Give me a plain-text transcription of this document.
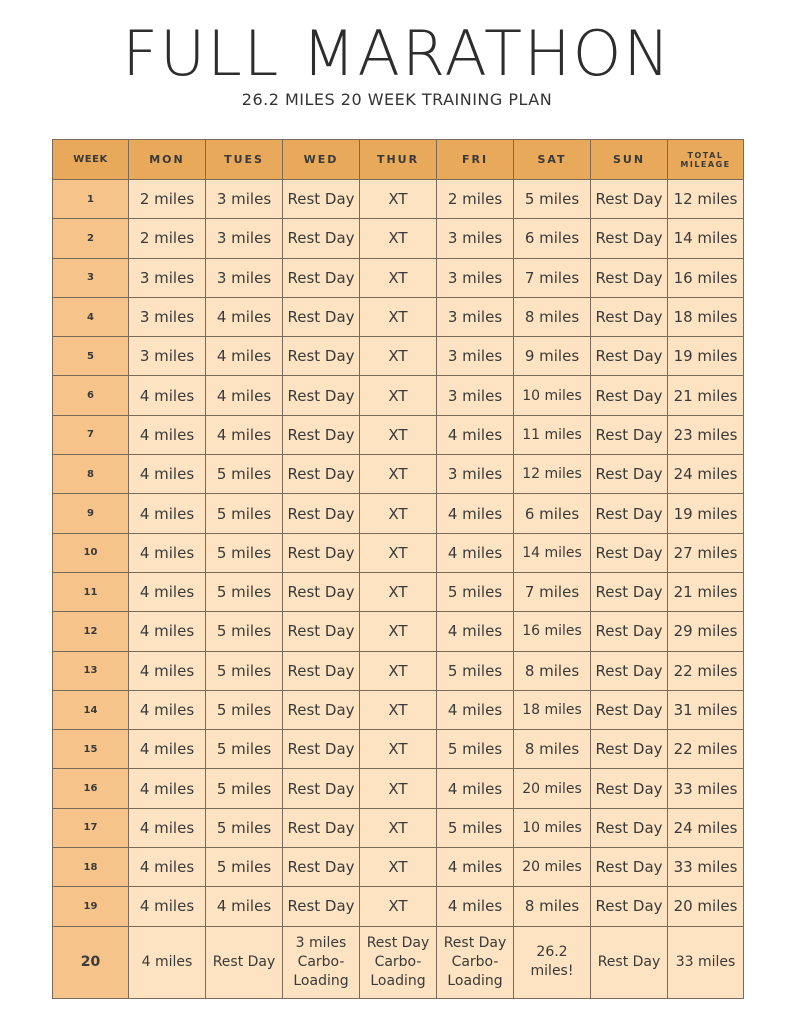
FULL MARATHON

26.2 MILES 20 WEEK TRAINING PLAN

WEEK	MON	TUES	WED	THUR	FRI	SAT	SUN	TOTAL MILEAGE
1	2 miles	3 miles	Rest Day	XT	2 miles	5 miles	Rest Day	12 miles
2	2 miles	3 miles	Rest Day	XT	3 miles	6 miles	Rest Day	14 miles
3	3 miles	3 miles	Rest Day	XT	3 miles	7 miles	Rest Day	16 miles
4	3 miles	4 miles	Rest Day	XT	3 miles	8 miles	Rest Day	18 miles
5	3 miles	4 miles	Rest Day	XT	3 miles	9 miles	Rest Day	19 miles
6	4 miles	4 miles	Rest Day	XT	3 miles	10 miles	Rest Day	21 miles
7	4 miles	4 miles	Rest Day	XT	4 miles	11 miles	Rest Day	23 miles
8	4 miles	5 miles	Rest Day	XT	3 miles	12 miles	Rest Day	24 miles
9	4 miles	5 miles	Rest Day	XT	4 miles	6 miles	Rest Day	19 miles
10	4 miles	5 miles	Rest Day	XT	4 miles	14 miles	Rest Day	27 miles
11	4 miles	5 miles	Rest Day	XT	5 miles	7 miles	Rest Day	21 miles
12	4 miles	5 miles	Rest Day	XT	4 miles	16 miles	Rest Day	29 miles
13	4 miles	5 miles	Rest Day	XT	5 miles	8 miles	Rest Day	22 miles
14	4 miles	5 miles	Rest Day	XT	4 miles	18 miles	Rest Day	31 miles
15	4 miles	5 miles	Rest Day	XT	5 miles	8 miles	Rest Day	22 miles
16	4 miles	5 miles	Rest Day	XT	4 miles	20 miles	Rest Day	33 miles
17	4 miles	5 miles	Rest Day	XT	5 miles	10 miles	Rest Day	24 miles
18	4 miles	5 miles	Rest Day	XT	4 miles	20 miles	Rest Day	33 miles
19	4 miles	4 miles	Rest Day	XT	4 miles	8 miles	Rest Day	20 miles
20	4 miles	Rest Day	3 miles Carbo-Loading	Rest Day Carbo-Loading	Rest Day Carbo-Loading	26.2 miles!	Rest Day	33 miles
